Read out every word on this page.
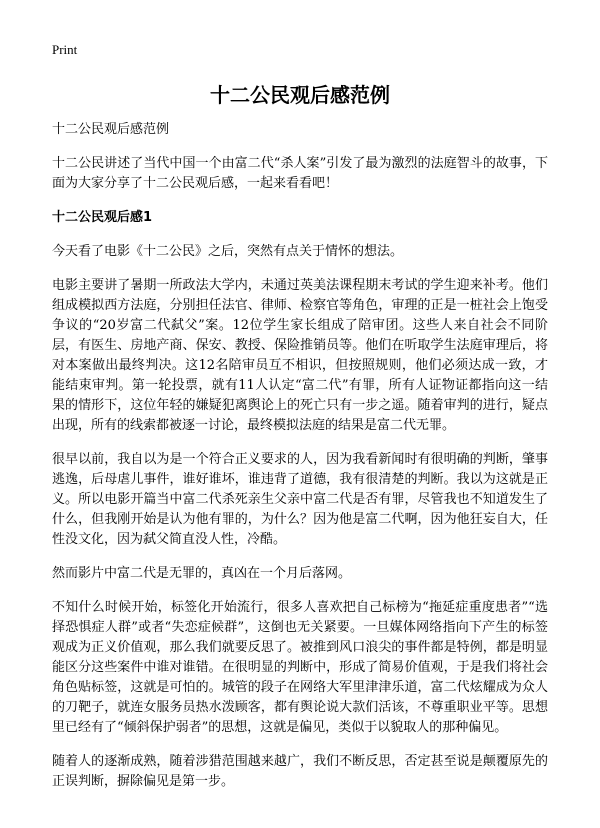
Print
十二公民观后感范例

十二公民观后感范例

十二公民讲述了当代中国一个由富二代“杀人案”引发了最为激烈的法庭智斗的故事，下面为大家分享了十二公民观后感，一起来看看吧！

十二公民观后感1

今天看了电影《十二公民》之后，突然有点关于情怀的想法。

电影主要讲了暑期一所政法大学内，未通过英美法课程期末考试的学生迎来补考。他们组成模拟西方法庭，分别担任法官、律师、检察官等角色，审理的正是一桩社会上饱受争议的“20岁富二代弑父”案。12位学生家长组成了陪审团。这些人来自社会不同阶层，有医生、房地产商、保安、教授、保险推销员等。他们在听取学生法庭审理后，将对本案做出最终判决。这12名陪审员互不相识，但按照规则，他们必须达成一致，才能结束审判。第一轮投票，就有11人认定“富二代”有罪，所有人证物证都指向这一结果的情形下，这位年轻的嫌疑犯离舆论上的死亡只有一步之遥。随着审判的进行，疑点出现，所有的线索都被逐一讨论，最终模拟法庭的结果是富二代无罪。

很早以前，我自以为是一个符合正义要求的人，因为我看新闻时有很明确的判断，肇事逃逸，后母虐儿事件，谁好谁坏，谁违背了道德，我有很清楚的判断。我以为这就是正义。所以电影开篇当中富二代杀死亲生父亲中富二代是否有罪，尽管我也不知道发生了什么，但我刚开始是认为他有罪的，为什么？因为他是富二代啊，因为他狂妄自大，任性没文化，因为弑父简直没人性，冷酷。

然而影片中富二代是无罪的，真凶在一个月后落网。

不知什么时候开始，标签化开始流行，很多人喜欢把自己标榜为“拖延症重度患者”“选择恐惧症人群”或者“失恋症候群”，这倒也无关紧要。一旦媒体网络指向下产生的标签观成为正义价值观，那么我们就要反思了。被推到风口浪尖的事件都是特例，都是明显能区分这些案件中谁对谁错。在很明显的判断中，形成了简易价值观，于是我们将社会角色贴标签，这就是可怕的。城管的段子在网络大军里津津乐道，富二代炫耀成为众人的刀靶子，就连女服务员热水泼顾客，都有舆论说大款们活该，不尊重职业平等。思想里已经有了“倾斜保护弱者”的思想，这就是偏见，类似于以貌取人的那种偏见。

随着人的逐渐成熟，随着涉猎范围越来越广，我们不断反思，否定甚至说是颠覆原先的正误判断，摒除偏见是第一步。
